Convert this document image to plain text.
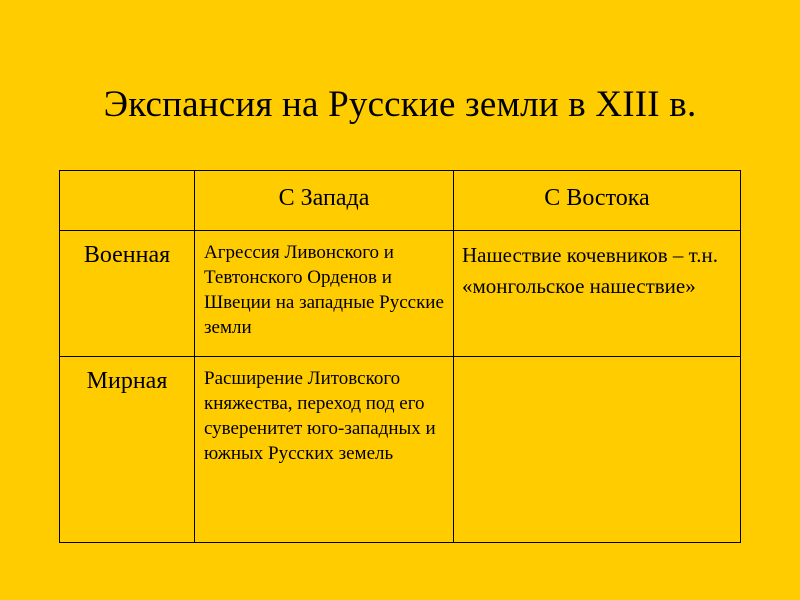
Экспансия на Русские земли в XIII в.
	С Запада	С Востока
Военная	Агрессия Ливонского и Тевтонского Орденов и Швеции на западные Русские земли	Нашествие кочевников – т.н. «монгольское нашествие»
Мирная	Расширение Литовского княжества, переход под его суверенитет юго-западных и южных Русских земель	
